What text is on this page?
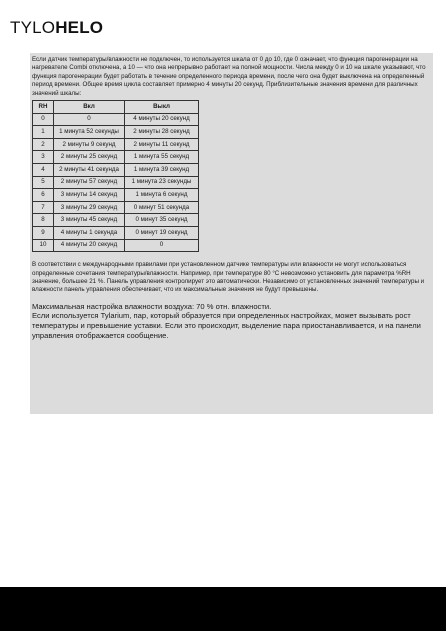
TYLOHELO

Если датчик температуры/влажности не подключен, то используется шкала от 0 до 10, где 0 означает, что функция парогенерации на нагревателе Combi отключена, а 10 — что она непрерывно работает на полной мощности. Числа между 0 и 10 на шкале указывают, что функция парогенерации будет работать в течение определенного периода времени, после чего она будет выключена на определенный период времени. Общее время цикла составляет примерно 4 минуты 20 секунд. Приблизительные значения времени для различных значений шкалы:

RH	Вкл	Выкл
0	0	4 минуты 20 секунд
1	1 минута 52 секунды	2 минуты 28 секунд
2	2 минуты 9 секунд	2 минуты 11 секунд
3	2 минуты 25 секунд	1 минута 55 секунд
4	2 минуты 41 секунда	1 минута 39 секунд
5	2 минуты 57 секунд	1 минута 23 секунды
6	3 минуты 14 секунд	1 минута 6 секунд
7	3 минуты 29 секунд	0 минут 51 секунда
8	3 минуты 45 секунд	0 минут 35 секунд
9	4 минуты 1 секунда	0 минут 19 секунд
10	4 минуты 20 секунд	0

В соответствии с международными правилами при установленном датчике температуры или влажности не могут использоваться определенные сочетания температуры/влажности. Например, при температуре 80 °C невозможно установить для параметра %RH значение, большее 21 %. Панель управления контролирует это автоматически. Независимо от установленных значений температуры и влажности панель управления обеспечивает, что их максимальные значения не будут превышены.

Максимальная настройка влажности воздуха: 70 % отн. влажности.

Если используется Tylarium, пар, который образуется при определенных настройках, может вызывать рост температуры и превышение уставки. Если это происходит, выделение пара приостанавливается, и на панели управления отображается сообщение.
